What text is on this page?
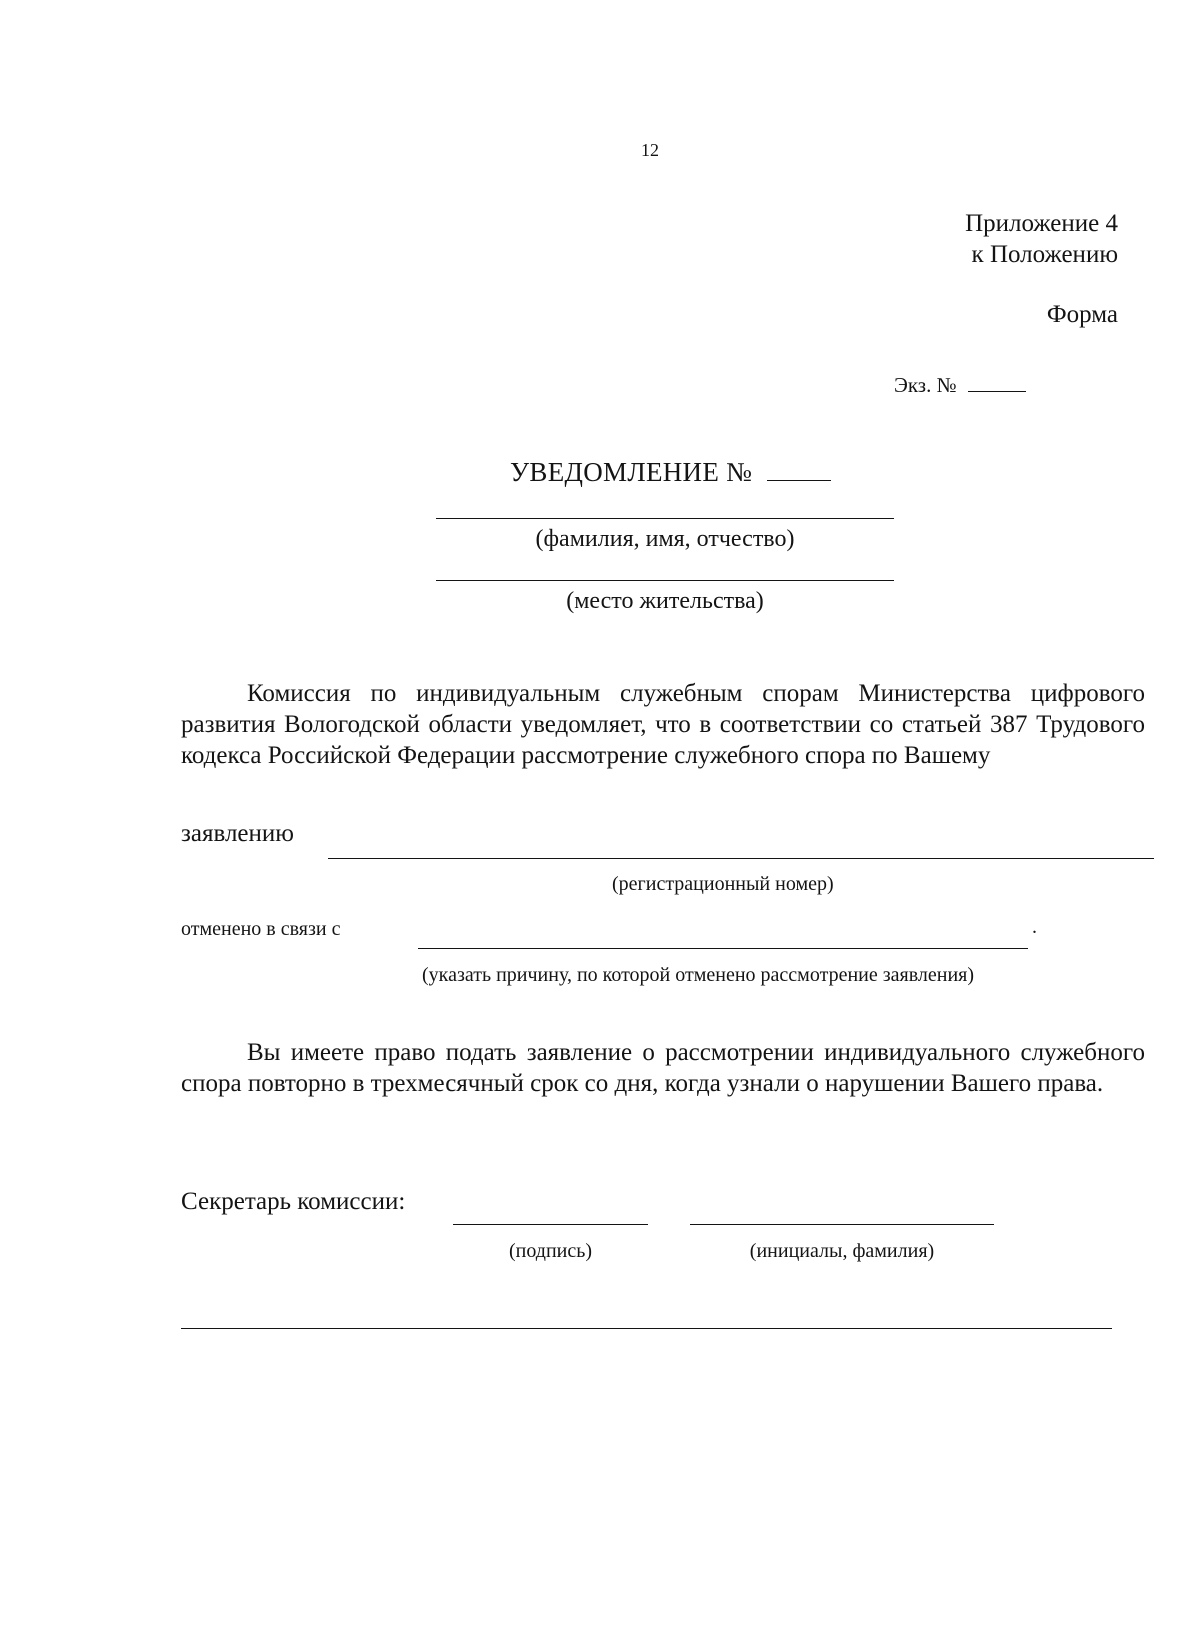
12
Приложение 4
к Положению
Форма
Экз. №
УВЕДОМЛЕНИЕ №
(фамилия, имя, отчество)
(место жительства)

Комиссия по индивидуальным служебным спорам Министерства цифрового развития Вологодской области уведомляет, что в соответствии со статьей 387 Трудового кодекса Российской Федерации рассмотрение служебного спора по Вашему

заявлению
(регистрационный номер)
отменено в связи с	.
(указать причину, по которой отменено рассмотрение заявления)

Вы имеете право подать заявление о рассмотрении индивидуального служебного спора повторно в трехмесячный срок со дня, когда узнали о нарушении Вашего права.

Секретарь комиссии:
(подпись)	(инициалы, фамилия)
